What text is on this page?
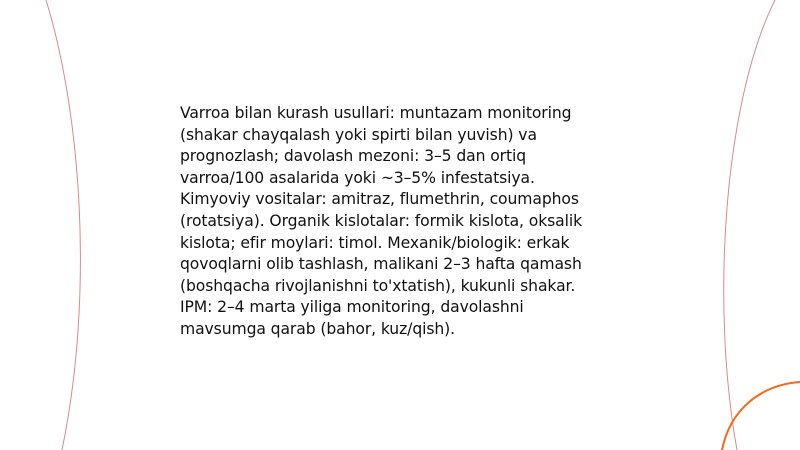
Varroa bilan kurash usullari: muntazam monitoring
(shakar chayqalash yoki spirti bilan yuvish) va
prognozlash; davolash mezoni: 3–5 dan ortiq
varroa/100 asalarida yoki ~3–5% infestatsiya.
Kimyoviy vositalar: amitraz, flumethrin, coumaphos
(rotatsiya). Organik kislotalar: formik kislota, oksalik
kislota; efir moylari: timol. Mexanik/biologik: erkak
qovoqlarni olib tashlash, malikani 2–3 hafta qamash
(boshqacha rivojlanishni to'xtatish), kukunli shakar.
IPM: 2–4 marta yiliga monitoring, davolashni
mavsumga qarab (bahor, kuz/qish).
